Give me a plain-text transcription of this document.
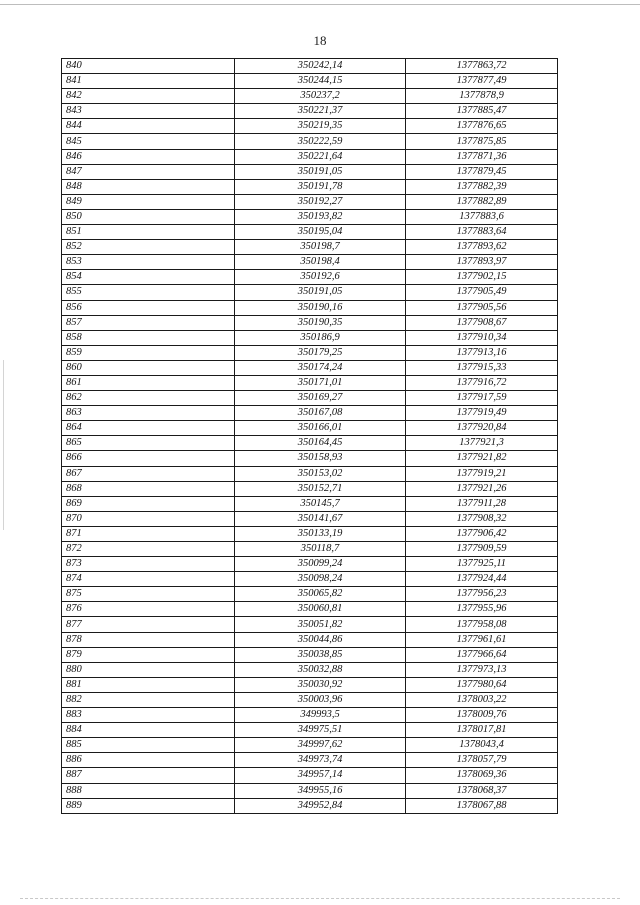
18
840	350242,14	1377863,72
841	350244,15	1377877,49
842	350237,2	1377878,9
843	350221,37	1377885,47
844	350219,35	1377876,65
845	350222,59	1377875,85
846	350221,64	1377871,36
847	350191,05	1377879,45
848	350191,78	1377882,39
849	350192,27	1377882,89
850	350193,82	1377883,6
851	350195,04	1377883,64
852	350198,7	1377893,62
853	350198,4	1377893,97
854	350192,6	1377902,15
855	350191,05	1377905,49
856	350190,16	1377905,56
857	350190,35	1377908,67
858	350186,9	1377910,34
859	350179,25	1377913,16
860	350174,24	1377915,33
861	350171,01	1377916,72
862	350169,27	1377917,59
863	350167,08	1377919,49
864	350166,01	1377920,84
865	350164,45	1377921,3
866	350158,93	1377921,82
867	350153,02	1377919,21
868	350152,71	1377921,26
869	350145,7	1377911,28
870	350141,67	1377908,32
871	350133,19	1377906,42
872	350118,7	1377909,59
873	350099,24	1377925,11
874	350098,24	1377924,44
875	350065,82	1377956,23
876	350060,81	1377955,96
877	350051,82	1377958,08
878	350044,86	1377961,61
879	350038,85	1377966,64
880	350032,88	1377973,13
881	350030,92	1377980,64
882	350003,96	1378003,22
883	349993,5	1378009,76
884	349975,51	1378017,81
885	349997,62	1378043,4
886	349973,74	1378057,79
887	349957,14	1378069,36
888	349955,16	1378068,37
889	349952,84	1378067,88
